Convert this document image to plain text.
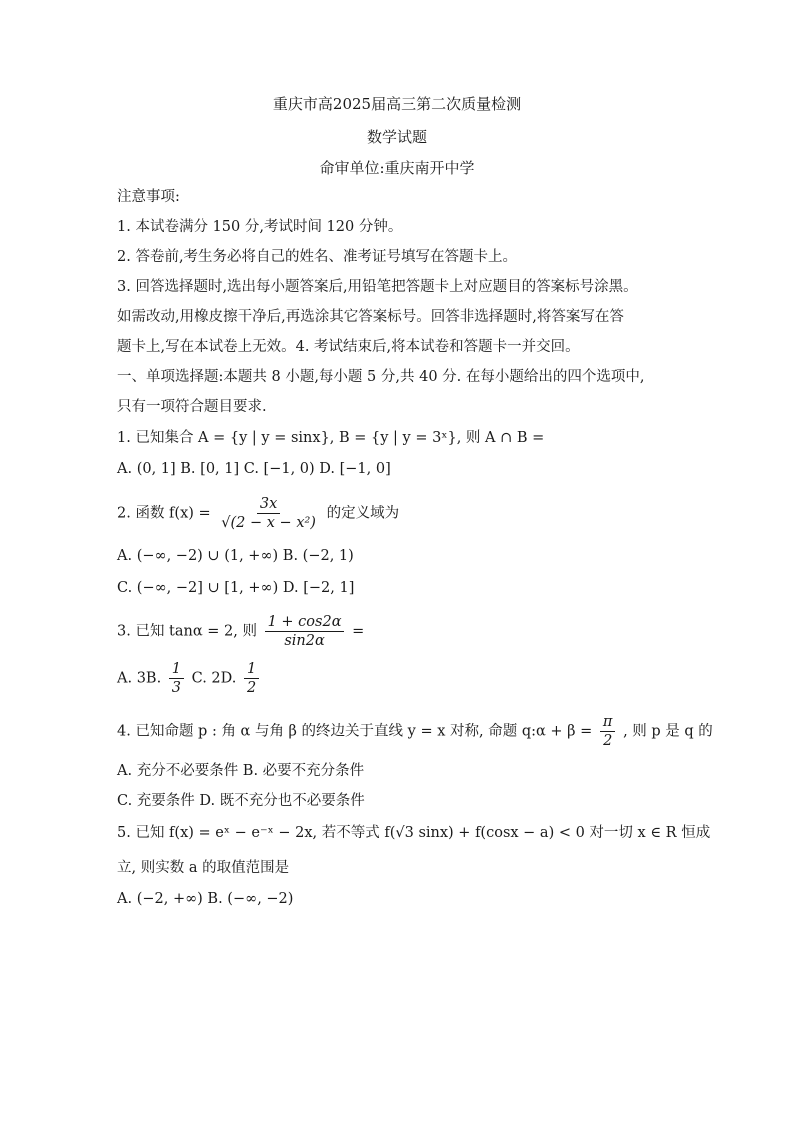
重庆市高2025届高三第二次质量检测
数学试题
命审单位:重庆南开中学
注意事项:
1. 本试卷满分 150 分,考试时间 120 分钟。
2. 答卷前,考生务必将自己的姓名、准考证号填写在答题卡上。
3. 回答选择题时,选出每小题答案后,用铅笔把答题卡上对应题目的答案标号涂黑。
如需改动,用橡皮擦干净后,再选涂其它答案标号。回答非选择题时,将答案写在答
题卡上,写在本试卷上无效。4. 考试结束后,将本试卷和答题卡一并交回。
一、单项选择题:本题共 8 小题,每小题 5 分,共 40 分. 在每小题给出的四个选项中,
只有一项符合题目要求.
1. 已知集合 A = {y | y = sinx}, B = {y | y = 3ˣ}, 则 A ∩ B =
A. (0, 1] B. [0, 1] C. [−1, 0) D. [−1, 0]
2. 函数 $f(x) = \frac{3x}{\text{√(2 − x − x²)}}$ 的定义域为
A. (−∞, −2) ∪ (1, +∞) B. (−2, 1)
C. (−∞, −2] ∪ [1, +∞) D. [−2, 1]
3. 已知 tanα = 2, 则 $\frac{1 + \cos 2\alpha}{\sin 2\alpha}$ =
A. 3B. $\frac{1}{3} C$. 2D. $\frac{1}{2}$
4. 已知命题 p : 角 α 与角 β 的终边关于直线 y = x 对称, 命题 q:α + $\beta = \frac{\pi}{2}$ , 则 p 是 q 的
A. 充分不必要条件 B. 必要不充分条件
C. 充要条件 D. 既不充分也不必要条件
5. 已知 f(x) = eˣ − e⁻ˣ − 2x, 若不等式 f(√3 sinx) + f(cosx − a) < 0 对一切 x ∈ R 恒成
立, 则实数 a 的取值范围是
A. (−2, +∞) B. (−∞, −2)
